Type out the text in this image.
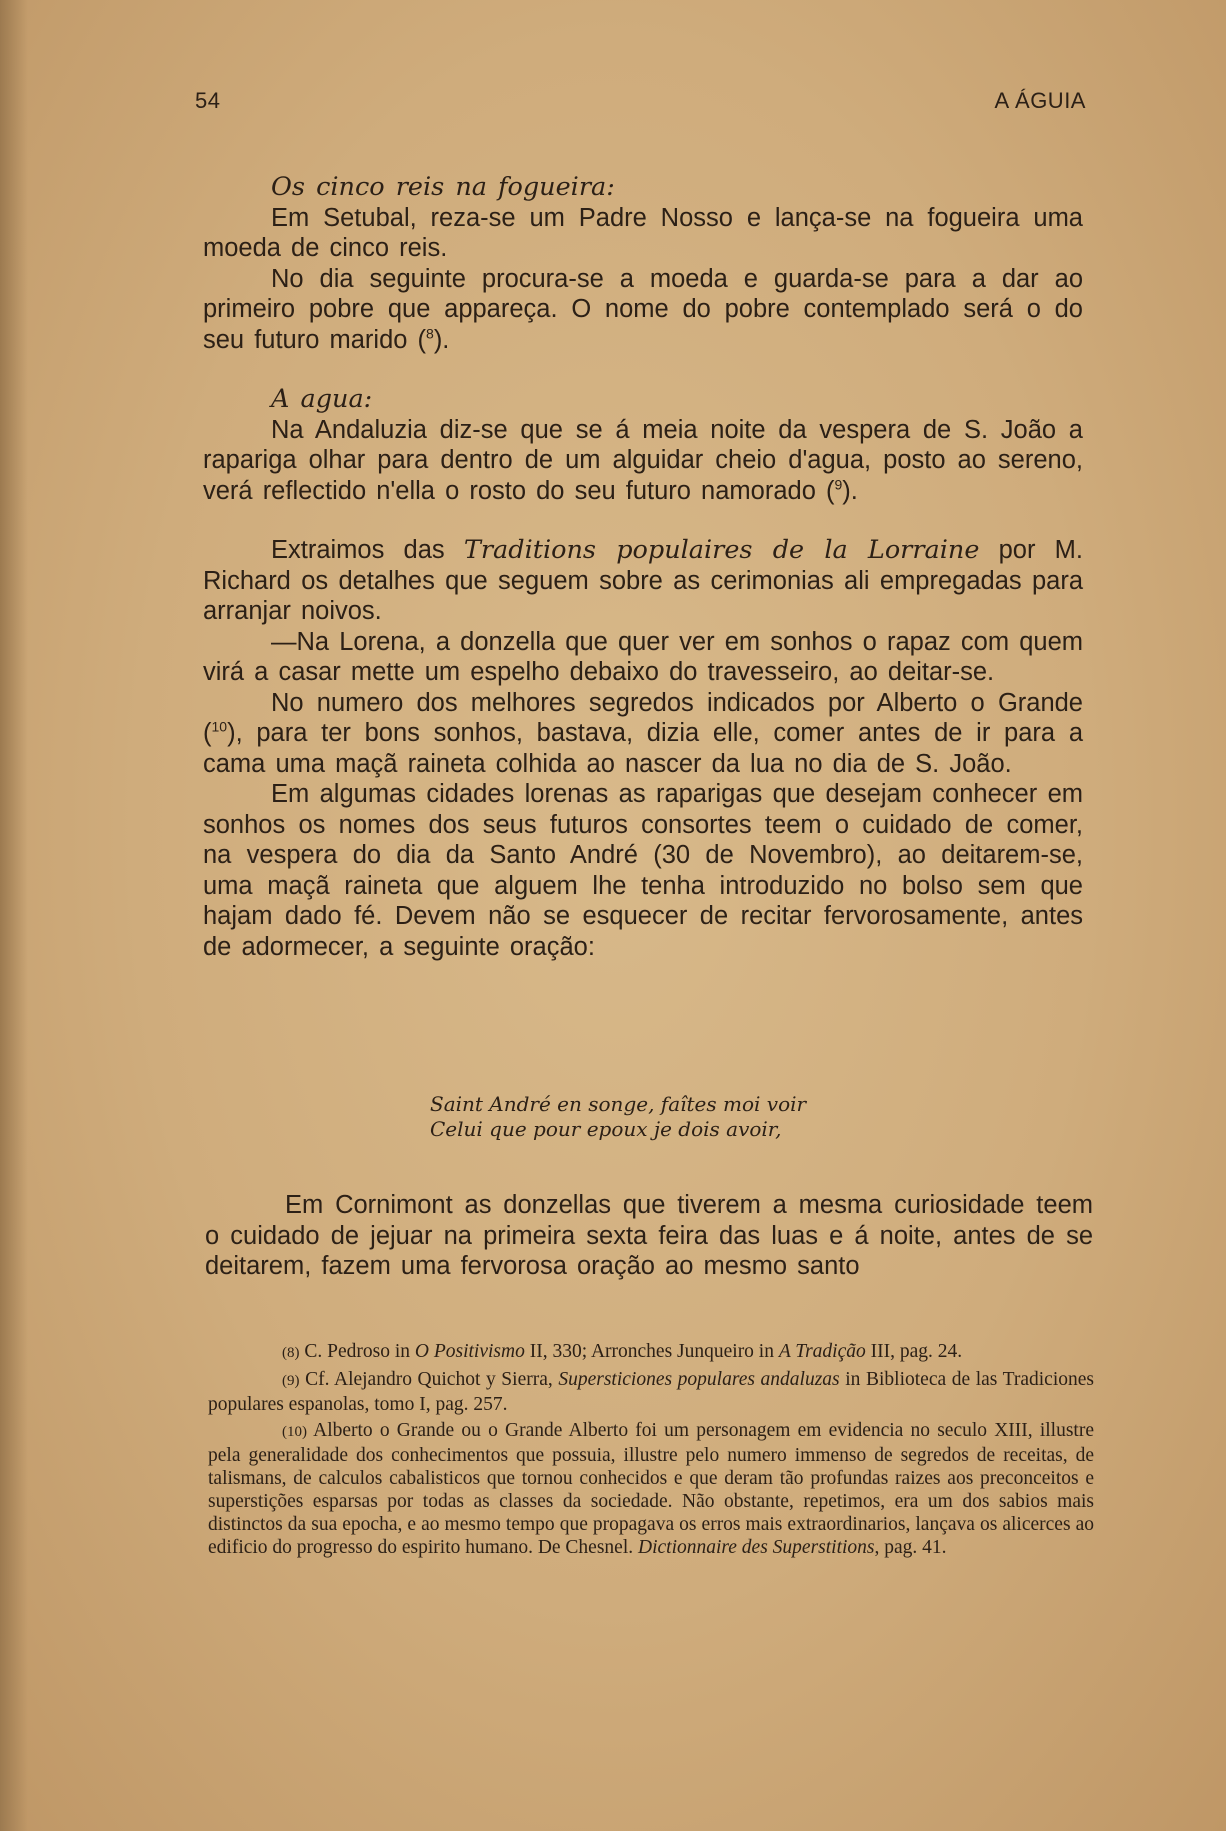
54	A ÁGUIA
Os cinco reis na fogueira:

Em Setubal, reza-se um Padre Nosso e lança-se na fogueira uma moeda de cinco reis.

No dia seguinte procura-se a moeda e guarda-se para a dar ao primeiro pobre que appareça. O nome do pobre contemplado será o do seu futuro marido ($^8$).

A agua:

Na Andaluzia diz-se que se á meia noite da vespera de S. João a rapariga olhar para dentro de um alguidar cheio d'agua, posto ao sereno, verá reflectido n'ella o rosto do seu futuro namorado ($^9$).

Extraimos das Traditions populaires de la Lorraine por M. Richard os detalhes que seguem sobre as cerimonias ali empregadas para arranjar noivos.

—Na Lorena, a donzella que quer ver em sonhos o rapaz com quem virá a casar mette um espelho debaixo do travesseiro, ao deitar-se.

No numero dos melhores segredos indicados por Alberto o Grande ($^{10}$), para ter bons sonhos, bastava, dizia elle, comer antes de ir para a cama uma maçã raineta colhida ao nascer da lua no dia de S. João.

Em algumas cidades lorenas as raparigas que desejam conhecer em sonhos os nomes dos seus futuros consortes teem o cuidado de comer, na vespera do dia da Santo André (30 de Novembro), ao deitarem-se, uma maçã raineta que alguem lhe tenha introduzido no bolso sem que hajam dado fé. Devem não se esquecer de recitar fervorosamente, antes de adormecer, a seguinte oração:

Saint André en songe, faîtes moi voir
Celui que pour epoux je dois avoir,

Em Cornimont as donzellas que tiverem a mesma curiosidade teem o cuidado de jejuar na primeira sexta feira das luas e á noite, antes de se deitarem, fazem uma fervorosa oração ao mesmo santo

(8) C. Pedroso in O Positivismo II, 330; Arronches Junqueiro in A Tradição III, pag. 24.

(9) Cf. Alejandro Quichot y Sierra, Supersticiones populares andaluzas in Biblioteca de las Tradiciones populares espanolas, tomo I, pag. 257.

(10) Alberto o Grande ou o Grande Alberto foi um personagem em evidencia no seculo XIII, illustre pela generalidade dos conhecimentos que possuia, illustre pelo numero immenso de segredos de receitas, de talismans, de calculos cabalisticos que tornou conhecidos e que deram tão profundas raizes aos preconceitos e superstições esparsas por todas as classes da sociedade. Não obstante, repetimos, era um dos sabios mais distinctos da sua epocha, e ao mesmo tempo que propagava os erros mais extraordinarios, lançava os alicerces ao edificio do progresso do espirito humano. De Chesnel. Dictionnaire des Superstitions, pag. 41.
